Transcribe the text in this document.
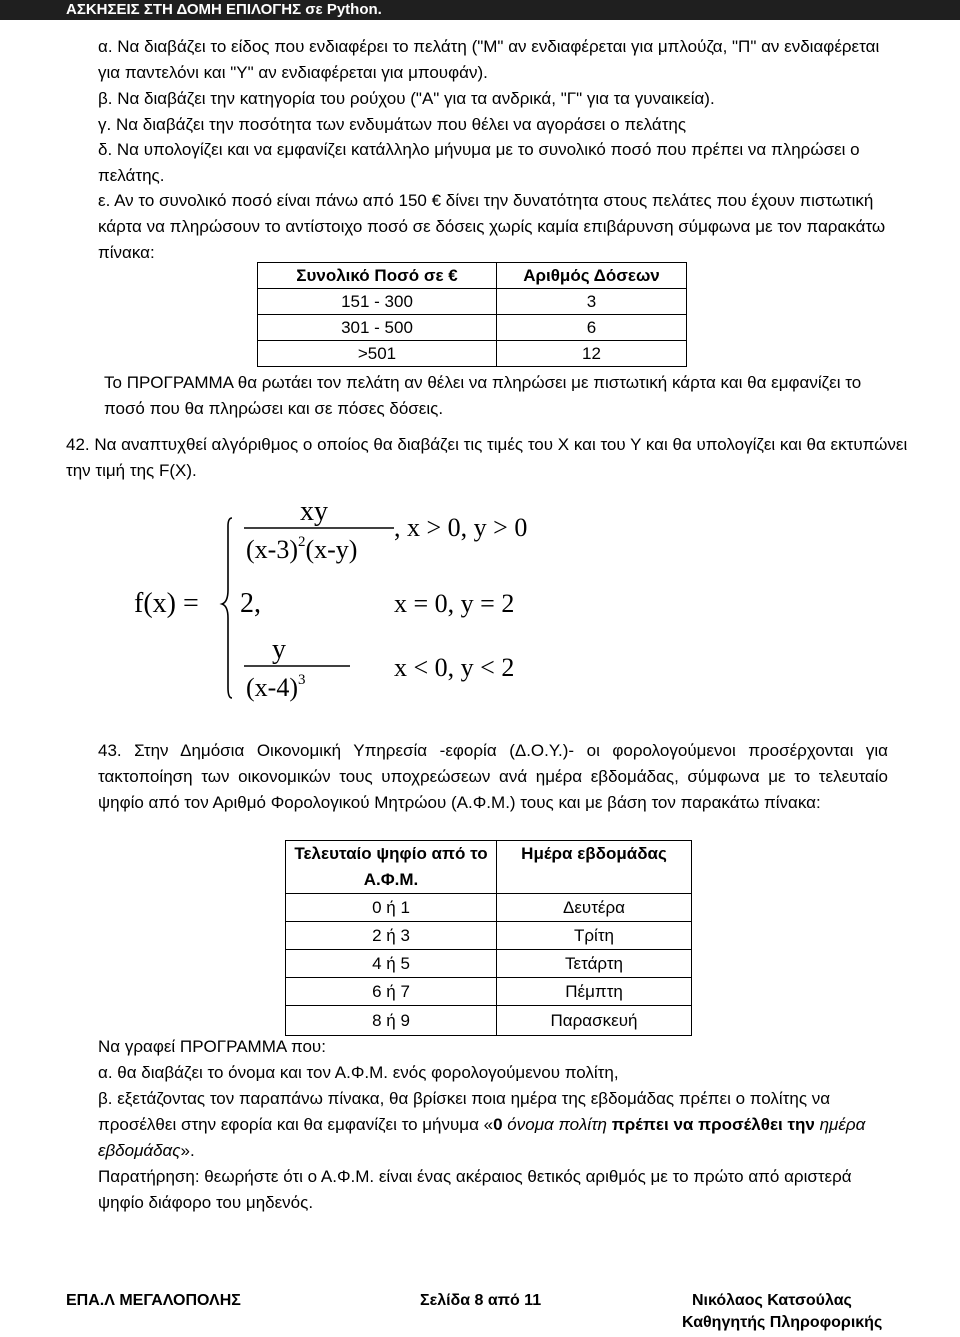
ΑΣΚΗΣΕΙΣ ΣΤΗ ΔΟΜΗ ΕΠΙΛΟΓΗΣ σε Python.
α. Να διαβάζει το είδος που ενδιαφέρει το πελάτη ("Μ" αν ενδιαφέρεται για μπλούζα, "Π" αν ενδιαφέρεται για παντελόνι και "Υ" αν ενδιαφέρεται για μπουφάν).
β. Να διαβάζει την κατηγορία του ρούχου ("Α" για τα ανδρικά, "Γ" για τα γυναικεία).
γ. Να διαβάζει την ποσότητα των ενδυμάτων που θέλει να αγοράσει ο πελάτης
δ. Να υπολογίζει και να εμφανίζει κατάλληλο μήνυμα με το συνολικό ποσό που πρέπει να πληρώσει ο πελάτης.
ε. Αν το συνολικό ποσό είναι πάνω από 150 € δίνει την δυνατότητα στους πελάτες που έχουν πιστωτική κάρτα να πληρώσουν το αντίστοιχο ποσό σε δόσεις χωρίς καμία επιβάρυνση σύμφωνα με τον παρακάτω πίνακα:
Συνολικό Ποσό σε €	Αριθμός Δόσεων
151 - 300	3
301 - 500	6
>501	12
Το ΠΡΟΓΡΑΜΜΑ θα ρωτάει τον πελάτη αν θέλει να πληρώσει με πιστωτική κάρτα και θα εμφανίζει το ποσό που θα πληρώσει και σε πόσες δόσεις.
42. Να αναπτυχθεί αλγόριθμος ο οποίος θα διαβάζει τις τιμές του Χ και του Υ και θα υπολογίζει και θα εκτυπώνει την τιμή της F(X).
f(x) =
xy
$(x-3)^2(x-y)$
, x > 0, y > 0
2,	x = 0, y = 2
y
$(x-4)^3$	x < 0, y < 2
43. Στην Δημόσια Οικονομική Υπηρεσία -εφορία (Δ.Ο.Υ.)- οι φορολογούμενοι προσέρχονται για τακτοποίηση των οικονομικών τους υποχρεώσεων ανά ημέρα εβδομάδας, σύμφωνα με το τελευταίο ψηφίο από τον Αριθμό Φορολογικού Μητρώου (Α.Φ.Μ.) τους και με βάση τον παρακάτω πίνακα:
Τελευταίο ψηφίο από το Α.Φ.Μ.	Ημέρα εβδομάδας
0 ή 1	Δευτέρα
2 ή 3	Τρίτη
4 ή 5	Τετάρτη
6 ή 7	Πέμπτη
8 ή 9	Παρασκευή
Να γραφεί ΠΡΟΓΡΑΜΜΑ που:
α. θα διαβάζει το όνομα και τον Α.Φ.Μ. ενός φορολογούμενου πολίτη,
β. εξετάζοντας τον παραπάνω πίνακα, θα βρίσκει ποια ημέρα της εβδομάδας πρέπει ο πολίτης να προσέλθει στην εφορία και θα εμφανίζει το μήνυμα «0 όνομα πολίτη πρέπει να προσέλθει την ημέρα εβδομάδας».
Παρατήρηση: θεωρήστε ότι ο Α.Φ.Μ. είναι ένας ακέραιος θετικός αριθμός με το πρώτο από αριστερά ψηφίο διάφορο του μηδενός.
ΕΠΑ.Λ ΜΕΓΑΛΟΠΟΛΗΣ	Σελίδα 8 από 11	Νικόλαος Κατσούλας
Καθηγητής Πληροφορικής
